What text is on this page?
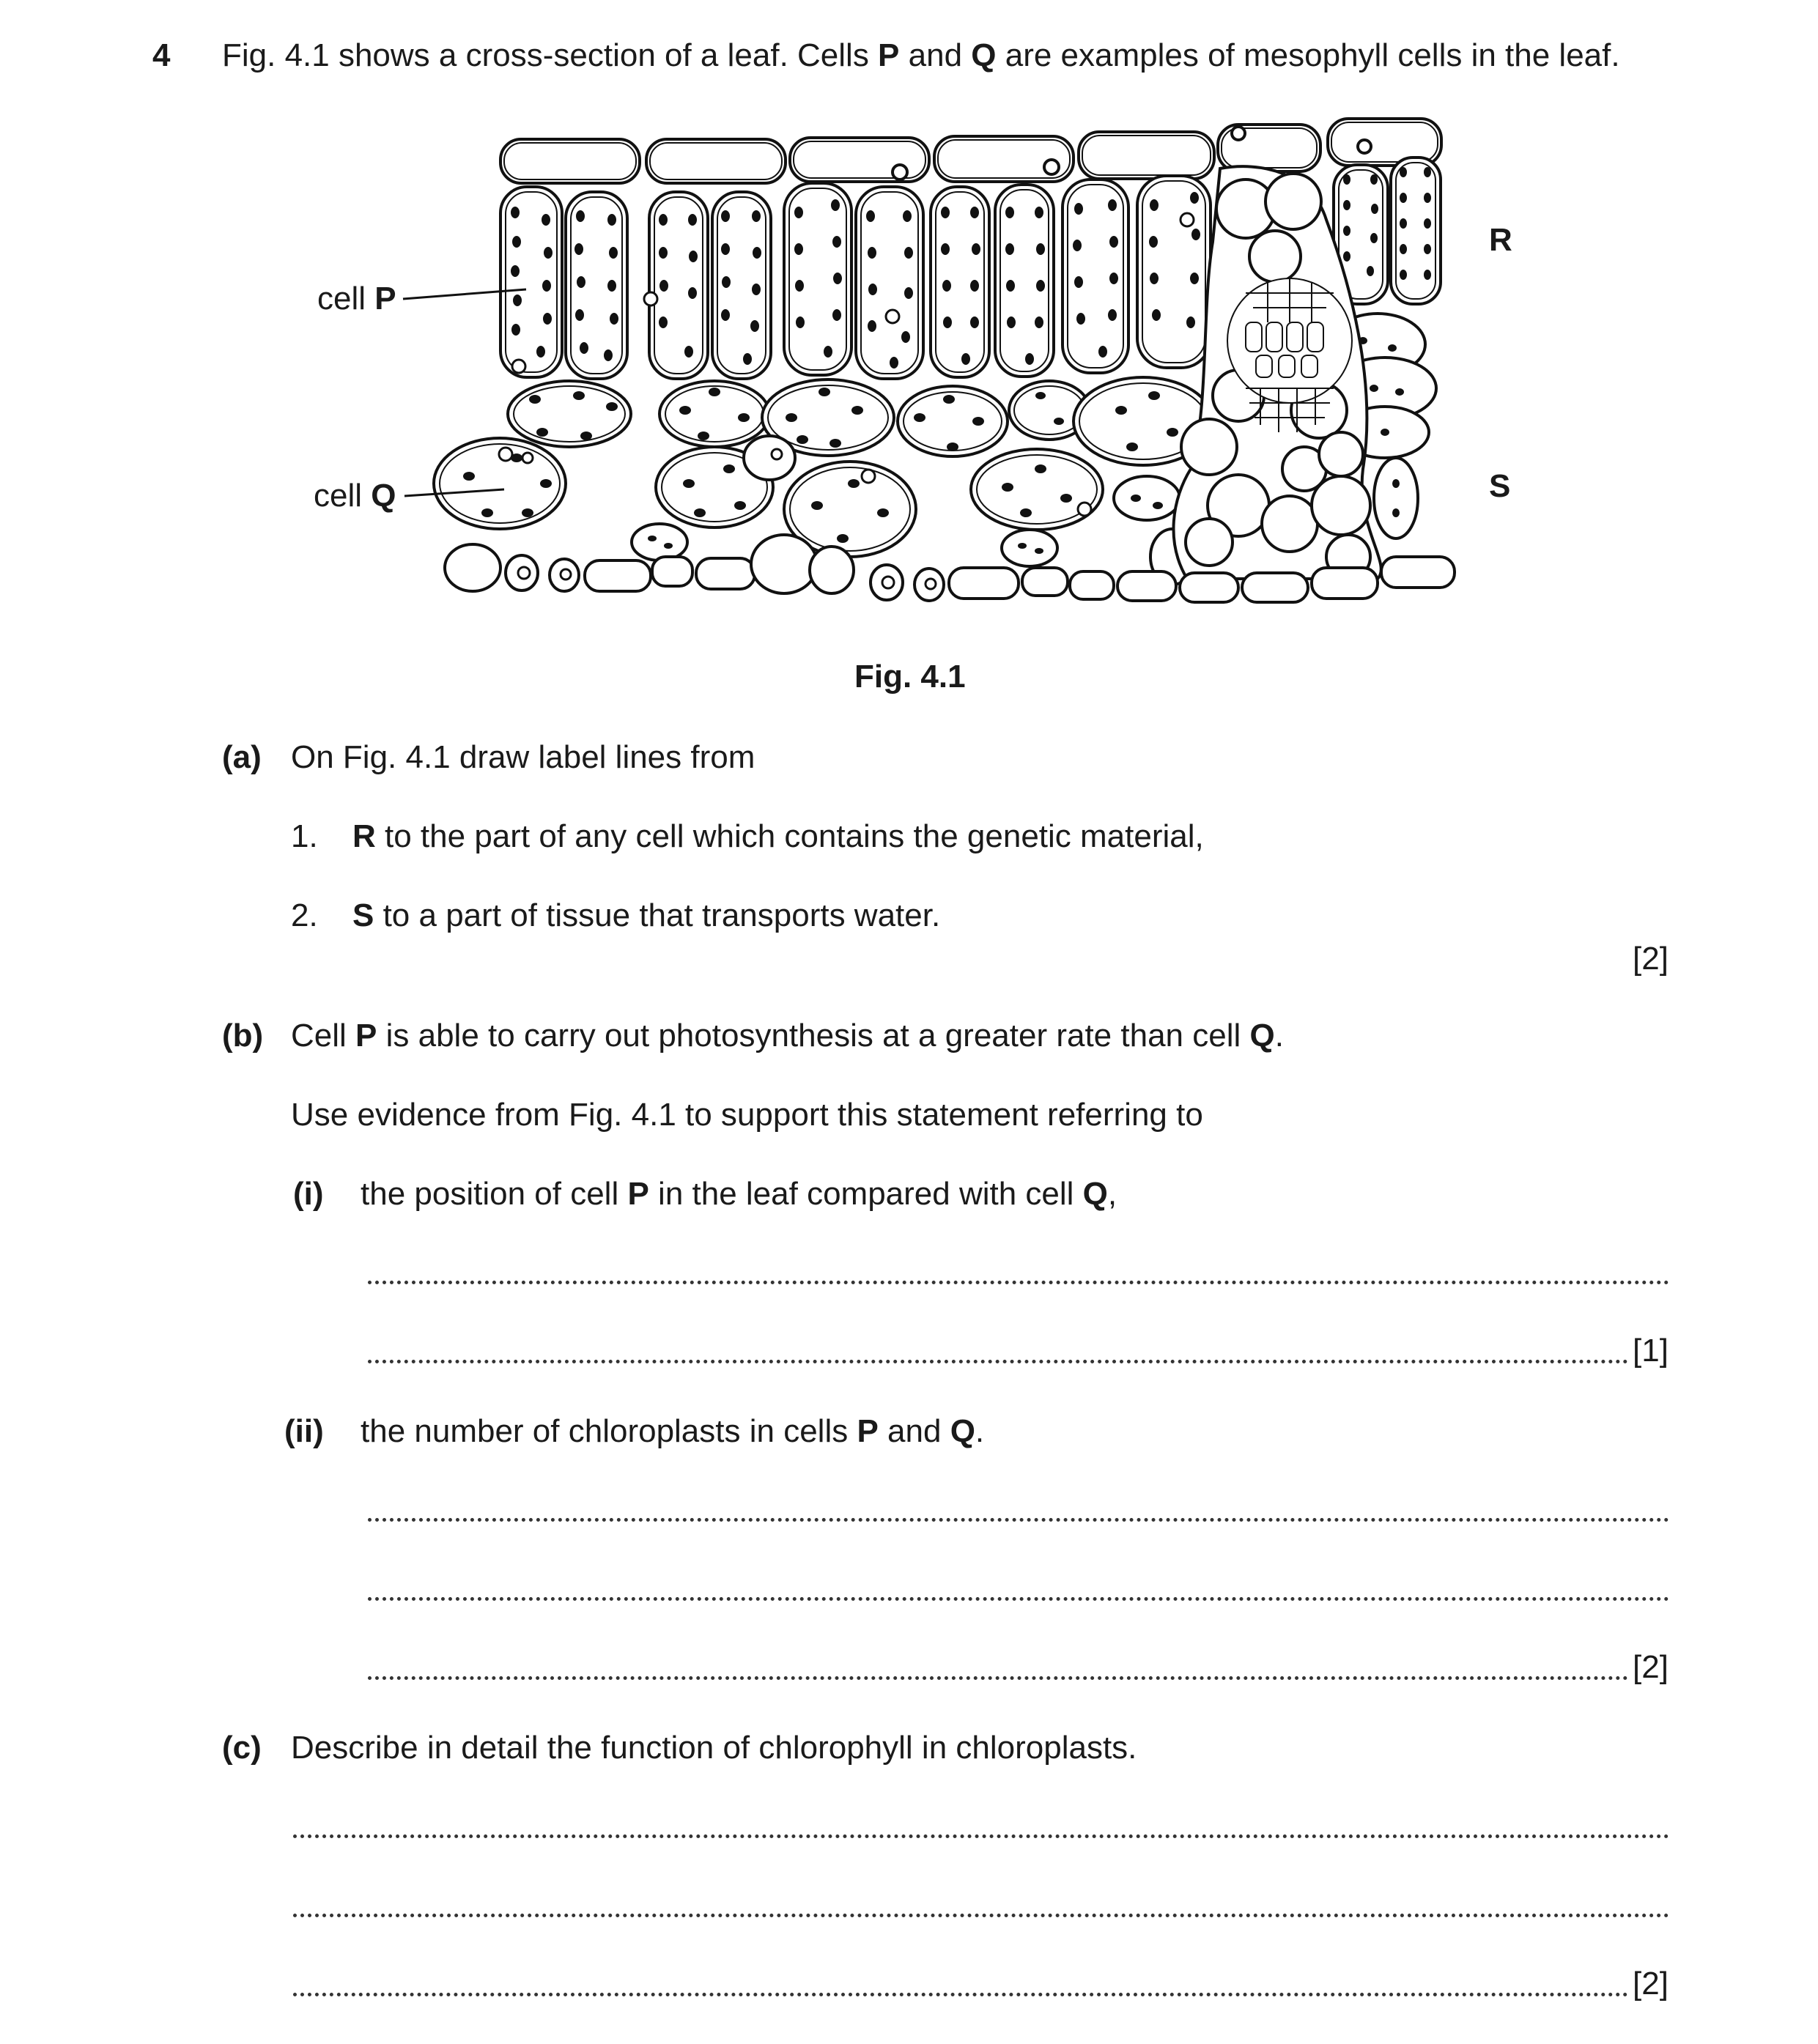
4 Fig. 4.1 shows a cross-section of a leaf. Cells P and Q are examples of mesophyll cells in the leaf.
cell P
cell Q
R
S
Fig. 4.1
(a) On Fig. 4.1 draw label lines from
1. R to the part of any cell which contains the genetic material,
2. S to a part of tissue that transports water.
[2]
(b) Cell P is able to carry out photosynthesis at a greater rate than cell Q.
Use evidence from Fig. 4.1 to support this statement referring to
(i) the position of cell P in the leaf compared with cell Q,
[1]
(ii) the number of chloroplasts in cells P and Q.
[2]
(c) Describe in detail the function of chlorophyll in chloroplasts.
[2]
